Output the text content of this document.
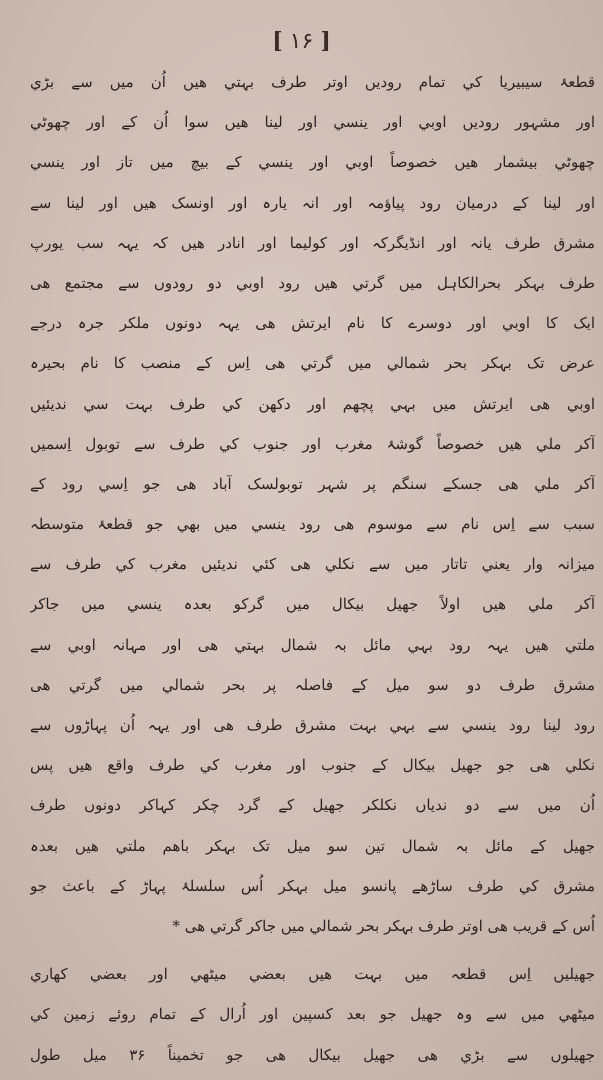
[ ۱۶ ]
قطعۂ سیبیریا کي تمام رودیں اوتر طرف بہتي ھیں اُن میں سے بڑي
اور مشہور رودیں اوبي اور ینسي اور لینا ھیں سوا اُن کے اور چھوٹي
چھوٹي بیشمار ھیں خصوصاً اوبي اور ینسي کے بیچ میں تاز اور ینسي
اور لینا کے درمیان رود پیاؤمہ اور انہ یارہ اور اونسک ھیں اور لینا سے
مشرق طرف یانہ اور انڈیگرکہ اور کولیما اور انادر ھیں کہ یہہ سب یورپ
طرف بہکر بحرالکاہل میں گرتي ھیں رود اوبي دو رودوں سے مجتمع ھی
ایک کا اوبي اور دوسرے کا نام ایرتش ھی یہہ دونوں ملکر جرہ درجے
عرض تک بہکر بحر شمالي میں گرتي ھی اِس کے منصب کا نام بحیرہ
اوبي ھی ایرتش میں بہي پچھم اور دکھن کي طرف بہت سي ندیئیں
آکر ملي ھیں خصوصاً گوشۂ مغرب اور جنوب کي طرف سے توبول اِسمیں
آکر ملي ھی جسکے سنگم پر شہر توبولسک آباد ھی جو اِسي رود کے
سبب سے اِس نام سے موسوم ھی رود ینسي میں بھي جو قطعۂ متوسطہ
میزانہ وار یعني تاتار میں سے نکلي ھی کئي ندیئیں مغرب کي طرف سے
آکر ملي ھیں اولاً جھیل بیکال میں گرکو بعدہ ینسي میں جاکر
ملتي ھیں یہہ رود بہي مائل بہ شمال بہتي ھی اور مہانہ اوبي سے
مشرق طرف دو سو میل کے فاصلہ پر بحر شمالي میں گرتي ھی
رود لینا رود ینسي سے بہي بہت مشرق طرف ھی اور یہہ اُن پہاڑوں سے
نکلي ھی جو جھیل بیکال کے جنوب اور مغرب کي طرف واقع ھیں پس
اُن میں سے دو ندیاں نکلکر جھیل کے گرد چکر کہاکر دونوں طرف
جھیل کے مائل بہ شمال تین سو میل تک بہکر باھم ملتي ھیں بعدہ
مشرق کي طرف ساڑھے پانسو میل بہکر اُس سلسلۂ پہاڑ کے باعث جو
اُس کے قریب ھی اوتر طرف بہکر بحر شمالي میں جاکر گرتي ھی *
جھیلیں اِس قطعہ میں بہت ھیں بعضي میٹھي اور بعضي کھاري
میٹھي میں سے وہ جھیل جو بعد کسپین اور اُرال کے تمام روئے زمین کي
جھیلوں سے بڑي ھی جھیل بیکال ھی جو تخمیناً ۳۶ میل طول
